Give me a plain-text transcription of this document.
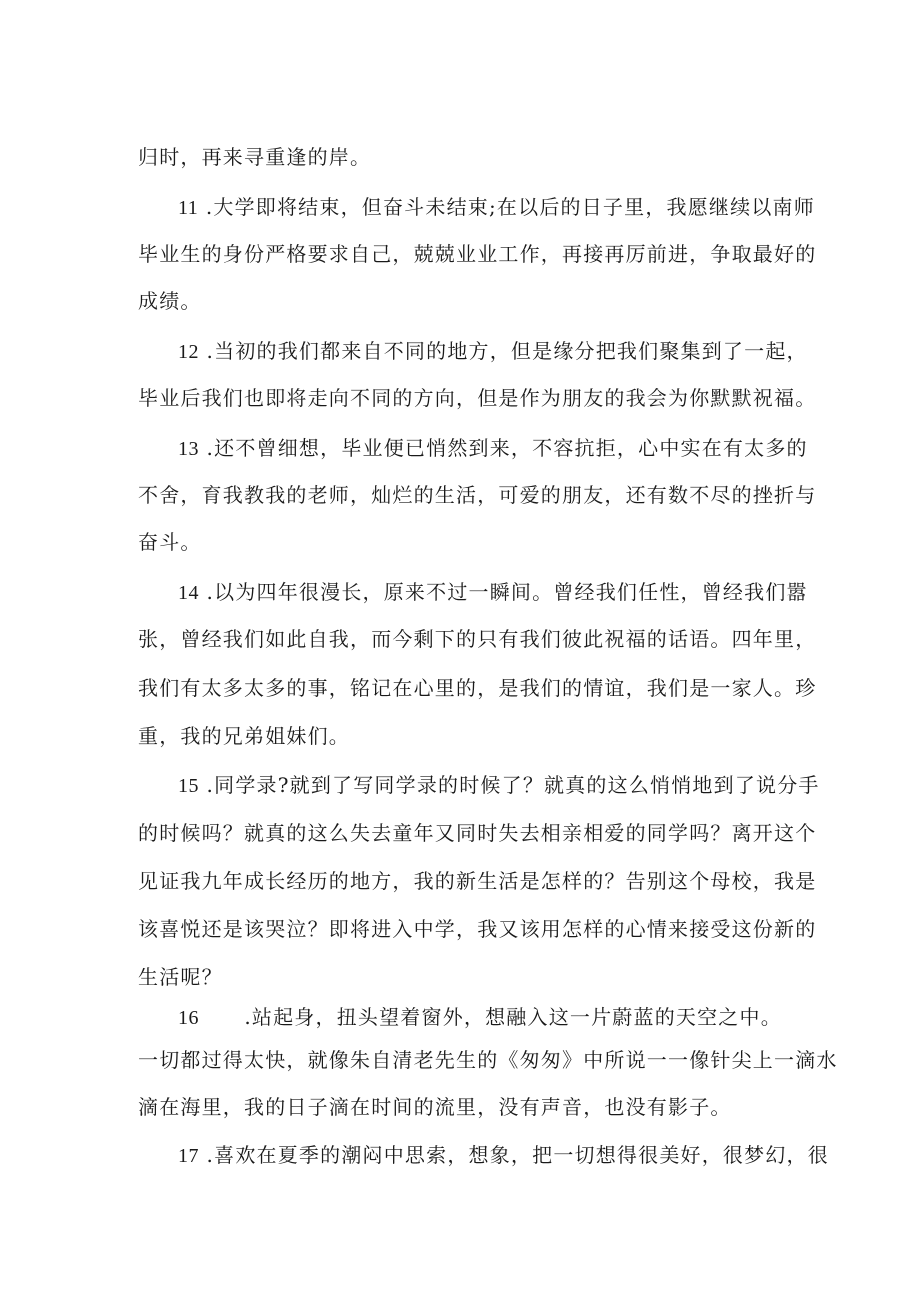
归时，再来寻重逢的岸。
11 .大学即将结束，但奋斗未结束;在以后的日子里，我愿继续以南师
毕业生的身份严格要求自己，兢兢业业工作，再接再厉前进，争取最好的
成绩。
12 .当初的我们都来自不同的地方，但是缘分把我们聚集到了一起，
毕业后我们也即将走向不同的方向，但是作为朋友的我会为你默默祝福。
13 .还不曾细想，毕业便已悄然到来，不容抗拒，心中实在有太多的
不舍，育我教我的老师，灿烂的生活，可爱的朋友，还有数不尽的挫折与
奋斗。
14 .以为四年很漫长，原来不过一瞬间。曾经我们任性，曾经我们嚣
张，曾经我们如此自我，而今剩下的只有我们彼此祝福的话语。四年里，
我们有太多太多的事，铭记在心里的，是我们的情谊，我们是一家人。珍
重，我的兄弟姐妹们。
15 .同学录?就到了写同学录的时候了？就真的这么悄悄地到了说分手
的时候吗？就真的这么失去童年又同时失去相亲相爱的同学吗？离开这个
见证我九年成长经历的地方，我的新生活是怎样的？告别这个母校，我是
该喜悦还是该哭泣？即将进入中学，我又该用怎样的心情来接受这份新的
生活呢？
16      .站起身，扭头望着窗外，想融入这一片蔚蓝的天空之中。
一切都过得太快，就像朱自清老先生的《匆匆》中所说一一像针尖上一滴水
滴在海里，我的日子滴在时间的流里，没有声音，也没有影子。
17 .喜欢在夏季的潮闷中思索，想象，把一切想得很美好，很梦幻，很
